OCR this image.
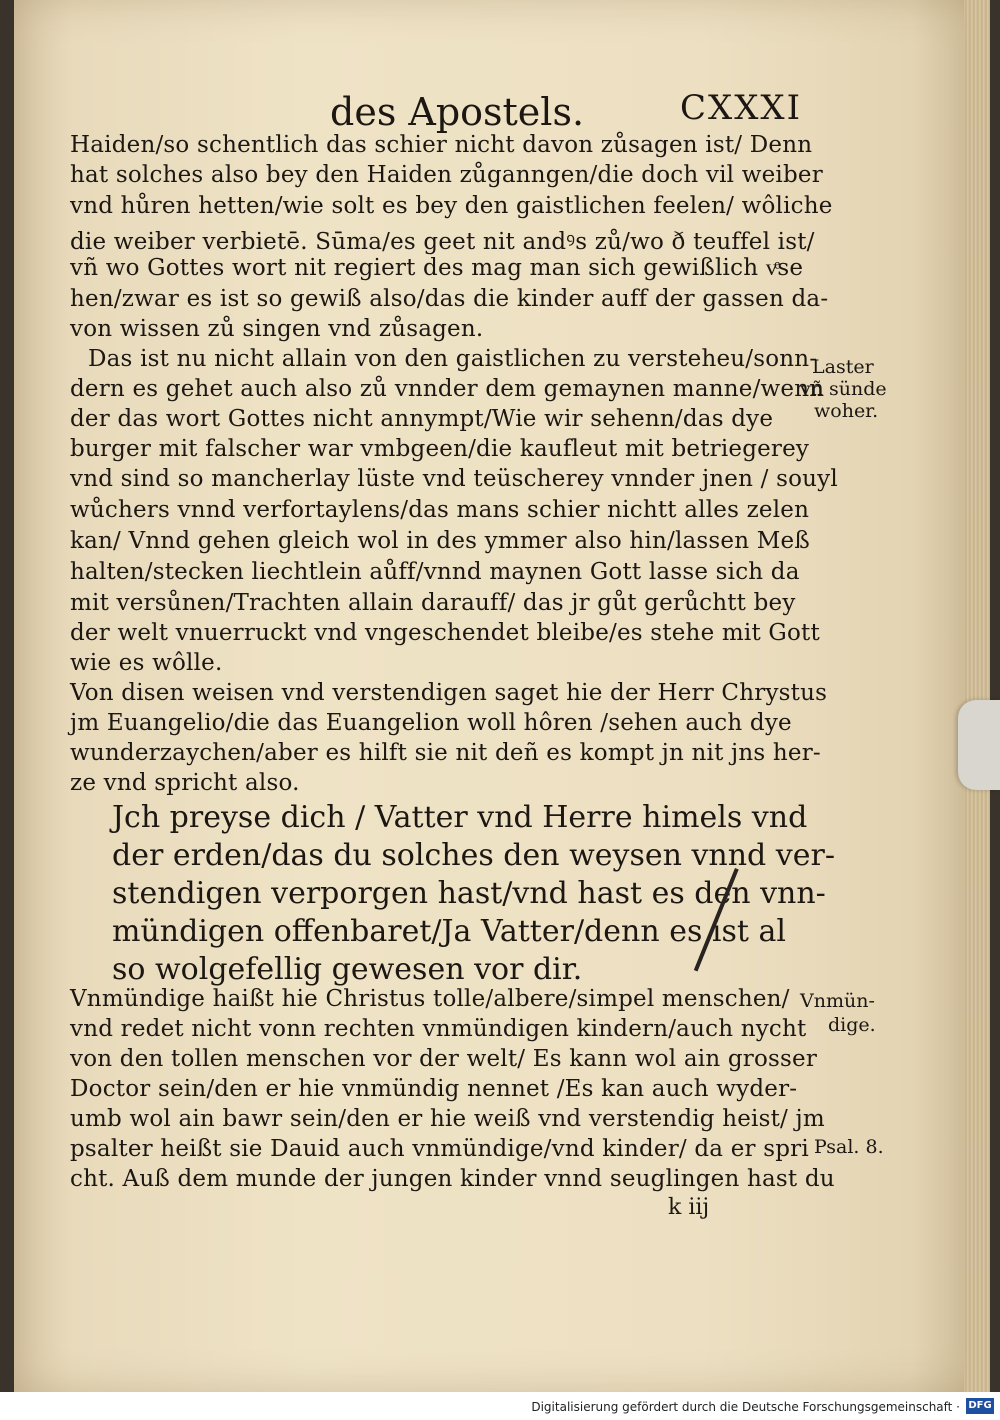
des Apostels.	CXXXI
Haiden/so schentlich das schier nicht davon zůsagen ist/ Denn
hat solches also bey den Haiden zůganngen/die doch vil weiber
vnd hůren hetten/wie solt es bey den gaistlichen feelen/ wôliche
die weiber verbietē. Sūma/es geet nit andꝰs zů/wo ð teuffel ist/
vñ wo Gottes wort nit regiert des mag man sich gewißlich vͤse
hen/zwar es ist so gewiß also/das die kinder auff der gassen da-
von wissen zů singen vnd zůsagen.
Das ist nu nicht allain von den gaistlichen zu versteheu/sonn-
dern es gehet auch also zů vnnder dem gemaynen manne/wenn
der das wort Gottes nicht annympt/Wie wir sehenn/das dye
burger mit falscher war vmbgeen/die kaufleut mit betriegerey
vnd sind so mancherlay lüste vnd teüscherey vnnder jnen / souyl
wůchers vnnd verfortaylens/das mans schier nichtt alles zelen
kan/ Vnnd gehen gleich wol in des ymmer also hin/lassen Meß
halten/stecken liechtlein aůff/vnnd maynen Gott lasse sich da
mit versůnen/Trachten allain darauff/ das jr gůt gerůchtt bey
der welt vnuerruckt vnd vngeschendet bleibe/es stehe mit Gott
wie es wôlle.
Von disen weisen vnd verstendigen saget hie der Herr Chrystus
jm Euangelio/die das Euangelion woll hôren /sehen auch dye
wunderzaychen/aber es hilft sie nit deñ es kompt jn nit jns her-
ze vnd spricht also.
Jch preyse dich / Vatter vnd Herre himels vnd
der erden/das du solches den weysen vnnd ver-
stendigen verporgen hast/vnd hast es den vnn-
mündigen offenbaret/Ja Vatter/denn es ist al
so wolgefellig gewesen vor dir.
Vnmündige haißt hie Christus tolle/albere/simpel menschen/
vnd redet nicht vonn rechten vnmündigen kindern/auch nycht
von den tollen menschen vor der welt/ Es kann wol ain grosser
Doctor sein/den er hie vnmündig nennet /Es kan auch wyder-
umb wol ain bawr sein/den er hie weiß vnd verstendig heist/ jm
psalter heißt sie Dauid auch vnmündige/vnd kinder/ da er spri
cht. Auß dem munde der jungen kinder vnnd seuglingen hast du
k iij
Laster
vñ sünde
woher.
Vnmün-
dige.
Psal. 8.
Digitalisierung gefördert durch die Deutsche Forschungsgemeinschaft · DFG
